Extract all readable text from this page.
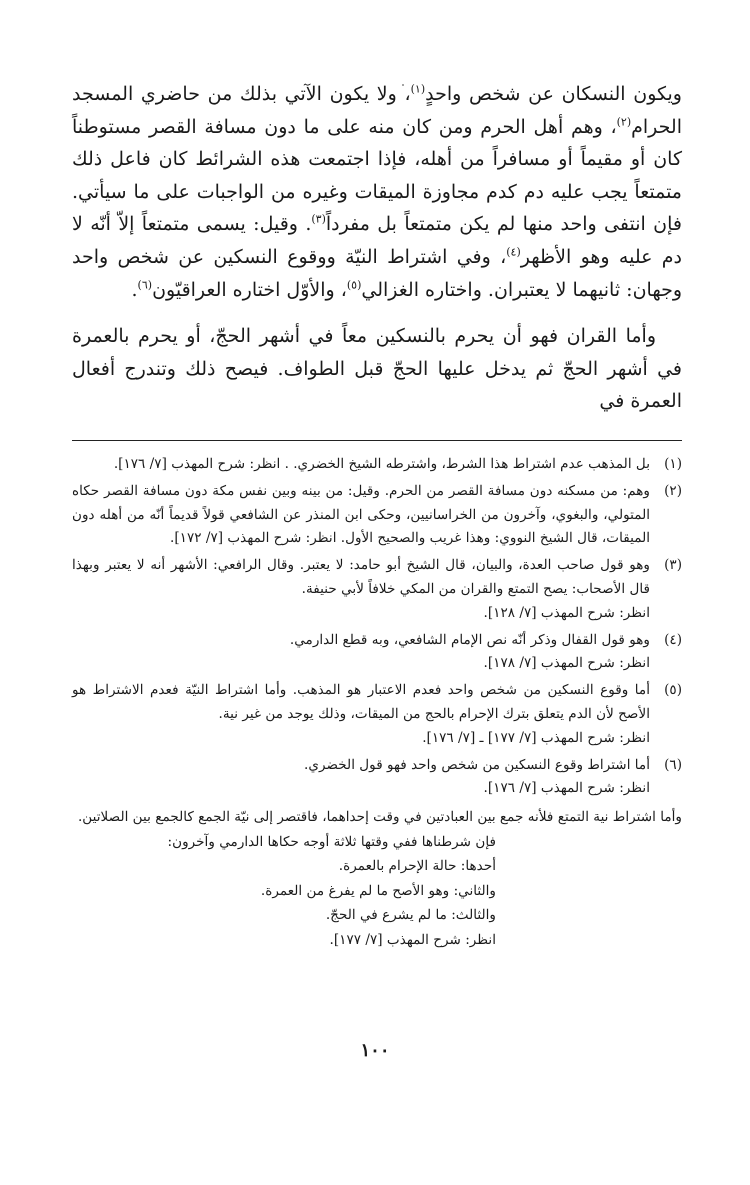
ويكون النسكان عن شخص واحدٍ$^{(١)}$، ولا يكون الآتي بذلك من حاضري المسجد الحرام$^{(٢)}$، وهم أهل الحرم ومن كان منه على ما دون مسافة القصر مستوطناً كان أو مقيماً أو مسافراً من أهله، فإذا اجتمعت هذه الشرائط كان فاعل ذلك متمتعاً يجب عليه دم كدم مجاوزة الميقات وغيره من الواجبات على ما سيأتي. فإن انتفى واحد منها لم يكن متمتعاً بل مفرداً$^{(٣)}$. وقيل: يسمى متمتعاً إلاّ أنّه لا دم عليه وهو الأظهر$^{(٤)}$، وفي اشتراط النيّة ووقوع النسكين عن شخص واحد وجهان: ثانيهما لا يعتبران. واختاره الغزالي$^{(٥)}$، والأوّل اختاره العراقيّون$^{(٦)}$.

وأما القران فهو أن يحرم بالنسكين معاً في أشهر الحجّ، أو يحرم بالعمرة في أشهر الحجّ ثم يدخل عليها الحجّ قبل الطواف. فيصح ذلك وتندرج أفعال العمرة في

(١)
بل المذهب عدم اشتراط هذا الشرط، واشترطه الشيخ الخضري. . انظر: شرح المهذب [٧/ ١٧٦].
(٢)
وهم: من مسكنه دون مسافة القصر من الحرم. وقيل: من بينه وبين نفس مكة دون مسافة القصر حكاه المتولي، والبغوي، وآخرون من الخراسانيين، وحكى ابن المنذر عن الشافعي قولاً قديماً أنّه من أهله دون الميقات، قال الشيخ النووي: وهذا غريب والصحيح الأول. انظر: شرح المهذب [٧/ ١٧٢].
(٣)
وهو قول صاحب العدة، والبيان، قال الشيخ أبو حامد: لا يعتبر. وقال الرافعي: الأشهر أنه لا يعتبر وبهذا قال الأصحاب: يصح التمتع والقران من المكي خلافاً لأبي حنيفة.
انظر: شرح المهذب [٧/ ١٢٨].
(٤)
وهو قول القفال وذكر أنّه نص الإمام الشافعي، وبه قطع الدارمي.
انظر: شرح المهذب [٧/ ١٧٨].
(٥)
أما وقوع النسكين من شخص واحد فعدم الاعتبار هو المذهب. وأما اشتراط النيّة فعدم الاشتراط هو الأصح لأن الدم يتعلق بترك الإحرام بالحج من الميقات، وذلك يوجد من غير نية.
انظر: شرح المهذب [٧/ ١٧٧] ـ [٧/ ١٧٦].
(٦)
أما اشتراط وقوع النسكين من شخص واحد فهو قول الخضري.
انظر: شرح المهذب [٧/ ١٧٦].
وأما اشتراط نية التمتع فلأنه جمع بين العبادتين في وقت إحداهما، فاقتصر إلى نيّة الجمع كالجمع بين الصلاتين.
فإن شرطناها ففي وقتها ثلاثة أوجه حكاها الدارمي وآخرون:
أحدها: حالة الإحرام بالعمرة.
والثاني: وهو الأصح ما لم يفرغ من العمرة.
والثالث: ما لم يشرع في الحجّ.
انظر: شرح المهذب [٧/ ١٧٧].
١٠٠
